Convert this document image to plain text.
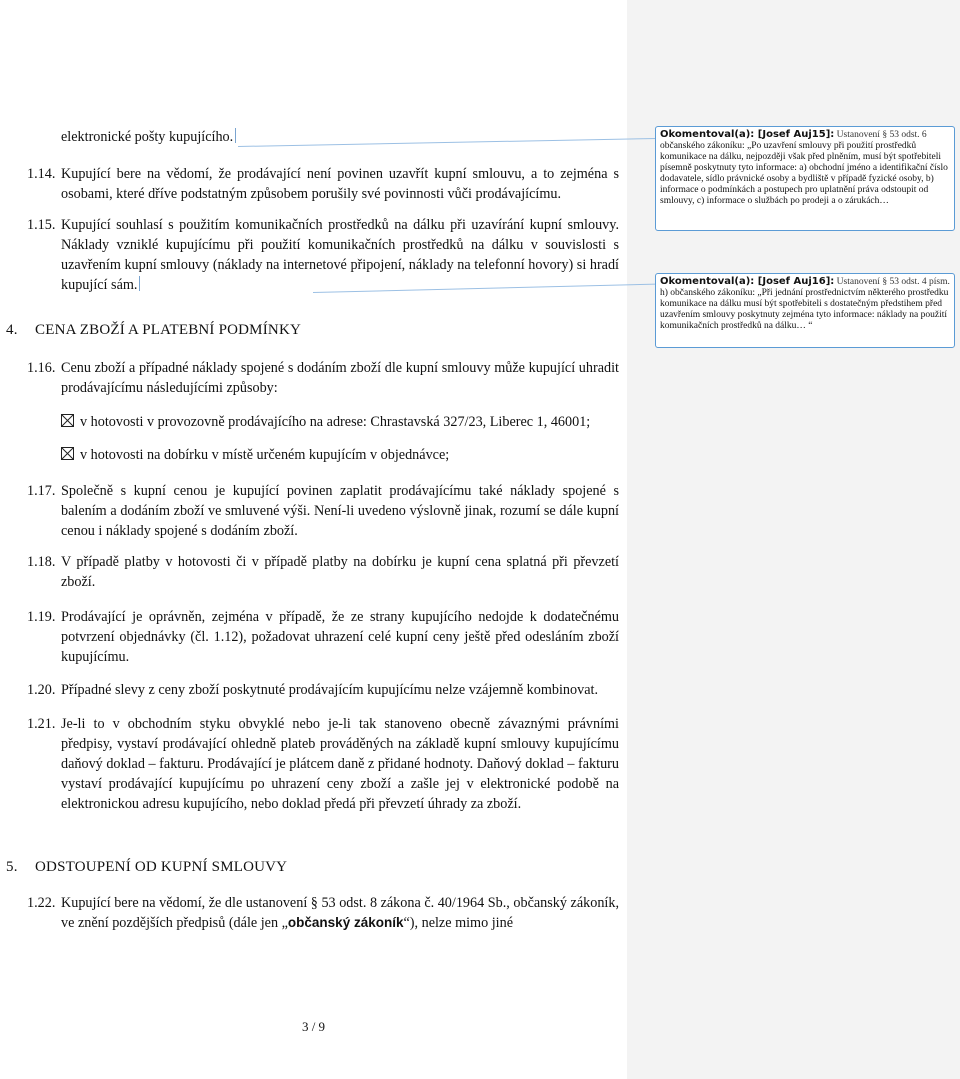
elektronické pošty kupujícího.
1.14. Kupující bere na vědomí, že prodávající není povinen uzavřít kupní smlouvu, a to zejména s osobami, které dříve podstatným způsobem porušily své povinnosti vůči prodávajícímu.
1.15. Kupující souhlasí s použitím komunikačních prostředků na dálku při uzavírání kupní smlouvy. Náklady vzniklé kupujícímu při použití komunikačních prostředků na dálku v souvislosti s uzavřením kupní smlouvy (náklady na internetové připojení, náklady na telefonní hovory) si hradí kupující sám.
4. CENA ZBOŽÍ A PLATEBNÍ PODMÍNKY
1.16. Cenu zboží a případné náklady spojené s dodáním zboží dle kupní smlouvy může kupující uhradit prodávajícímu následujícími způsoby:
v hotovosti v provozovně prodávajícího na adrese: Chrastavská 327/23, Liberec 1, 46001;
v hotovosti na dobírku v místě určeném kupujícím v objednávce;
1.17. Společně s kupní cenou je kupující povinen zaplatit prodávajícímu také náklady spojené s balením a dodáním zboží ve smluvené výši. Není-li uvedeno výslovně jinak, rozumí se dále kupní cenou i náklady spojené s dodáním zboží.
1.18. V případě platby v hotovosti či v případě platby na dobírku je kupní cena splatná při převzetí zboží.
1.19. Prodávající je oprávněn, zejména v případě, že ze strany kupujícího nedojde k dodatečnému potvrzení objednávky (čl. 1.12), požadovat uhrazení celé kupní ceny ještě před odesláním zboží kupujícímu.
1.20. Případné slevy z ceny zboží poskytnuté prodávajícím kupujícímu nelze vzájemně kombinovat.
1.21. Je-li to v obchodním styku obvyklé nebo je-li tak stanoveno obecně závaznými právními předpisy, vystaví prodávající ohledně plateb prováděných na základě kupní smlouvy kupujícímu daňový doklad – fakturu. Prodávající je plátcem daně z přidané hodnoty. Daňový doklad – fakturu vystaví prodávající kupujícímu po uhrazení ceny zboží a zašle jej v elektronické podobě na elektronickou adresu kupujícího, nebo doklad předá při převzetí úhrady za zboží.
5. ODSTOUPENÍ OD KUPNÍ SMLOUVY
1.22. Kupující bere na vědomí, že dle ustanovení § 53 odst. 8 zákona č. 40/1964 Sb., občanský zákoník, ve znění pozdějších předpisů (dále jen „občanský zákoník“), nelze mimo jiné
3 / 9
Okomentoval(a): [Josef Auj15]: Ustanovení § 53 odst. 6 občanského zákoníku: „Po uzavření smlouvy při použití prostředků komunikace na dálku, nejpozději však před plněním, musí být spotřebiteli písemně poskytnuty tyto informace: a) obchodní jméno a identifikační číslo dodavatele, sídlo právnické osoby a bydliště v případě fyzické osoby, b) informace o podmínkách a postupech pro uplatnění práva odstoupit od smlouvy, c) informace o službách po prodeji a o zárukách…
Okomentoval(a): [Josef Auj16]: Ustanovení § 53 odst. 4 písm. h) občanského zákoníku: „Při jednání prostřednictvím některého prostředku komunikace na dálku musí být spotřebiteli s dostatečným předstihem před uzavřením smlouvy poskytnuty zejména tyto informace: náklady na použití komunikačních prostředků na dálku… “
